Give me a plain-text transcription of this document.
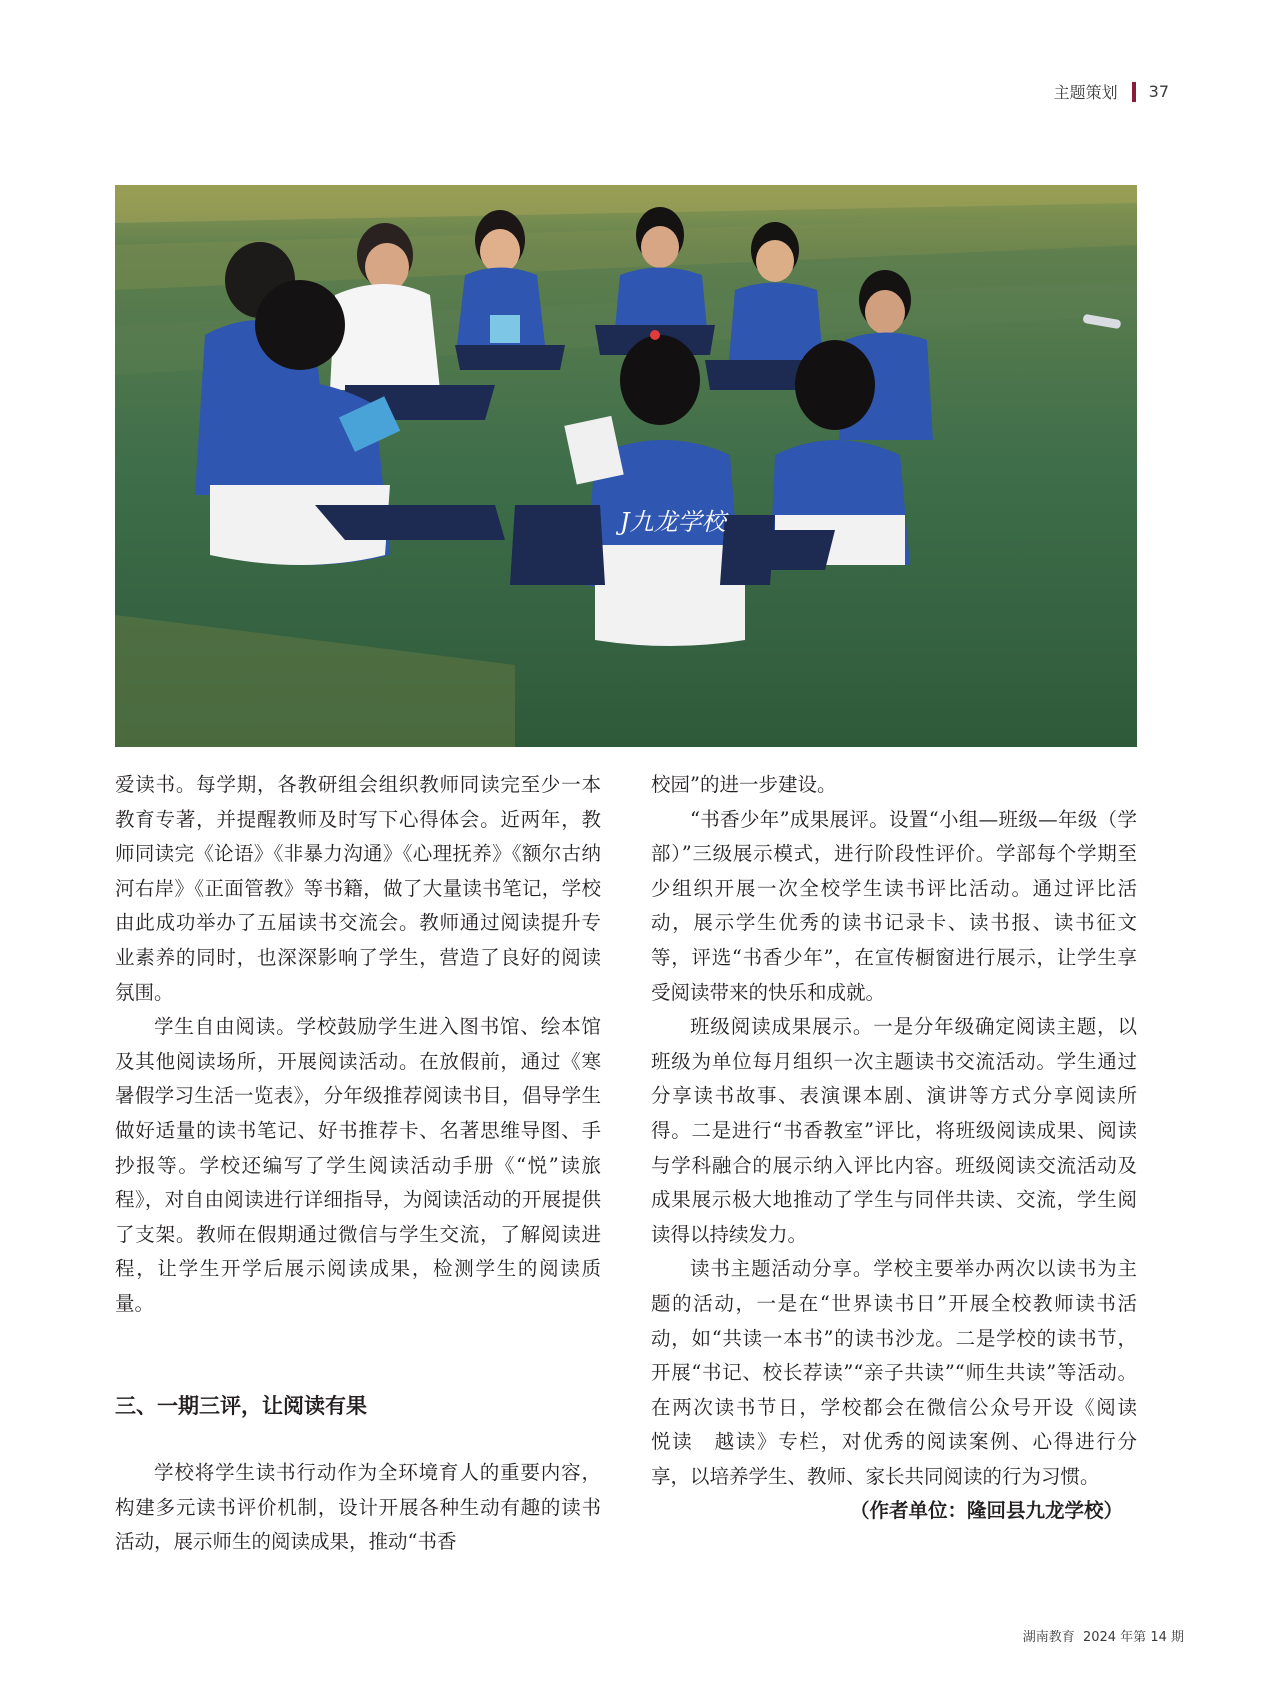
主题策划 37
J九龙学校

爱读书。每学期，各教研组会组织教师同读完至少一本教育专著，并提醒教师及时写下心得体会。近两年，教师同读完《论语》《非暴力沟通》《心理抚养》《额尔古纳河右岸》《正面管教》等书籍，做了大量读书笔记，学校由此成功举办了五届读书交流会。教师通过阅读提升专业素养的同时，也深深影响了学生，营造了良好的阅读氛围。

学生自由阅读。学校鼓励学生进入图书馆、绘本馆及其他阅读场所，开展阅读活动。在放假前，通过《寒暑假学习生活一览表》，分年级推荐阅读书目，倡导学生做好适量的读书笔记、好书推荐卡、名著思维导图、手抄报等。学校还编写了学生阅读活动手册《“悦”读旅程》，对自由阅读进行详细指导，为阅读活动的开展提供了支架。教师在假期通过微信与学生交流，了解阅读进程，让学生开学后展示阅读成果，检测学生的阅读质量。

三、一期三评，让阅读有果

学校将学生读书行动作为全环境育人的重要内容，构建多元读书评价机制，设计开展各种生动有趣的读书活动，展示师生的阅读成果，推动“书香

校园”的进一步建设。

“书香少年”成果展评。设置“小组—班级—年级（学部）”三级展示模式，进行阶段性评价。学部每个学期至少组织开展一次全校学生读书评比活动。通过评比活动，展示学生优秀的读书记录卡、读书报、读书征文等，评选“书香少年”，在宣传橱窗进行展示，让学生享受阅读带来的快乐和成就。

班级阅读成果展示。一是分年级确定阅读主题，以班级为单位每月组织一次主题读书交流活动。学生通过分享读书故事、表演课本剧、演讲等方式分享阅读所得。二是进行“书香教室”评比，将班级阅读成果、阅读与学科融合的展示纳入评比内容。班级阅读交流活动及成果展示极大地推动了学生与同伴共读、交流，学生阅读得以持续发力。

读书主题活动分享。学校主要举办两次以读书为主题的活动，一是在“世界读书日”开展全校教师读书活动，如“共读一本书”的读书沙龙。二是学校的读书节，开展“书记、校长荐读”“亲子共读”“师生共读”等活动。在两次读书节日，学校都会在微信公众号开设《阅读　悦读　越读》专栏，对优秀的阅读案例、心得进行分享，以培养学生、教师、家长共同阅读的行为习惯。

（作者单位：隆回县九龙学校）

湖南教育 2024 年第 14 期
